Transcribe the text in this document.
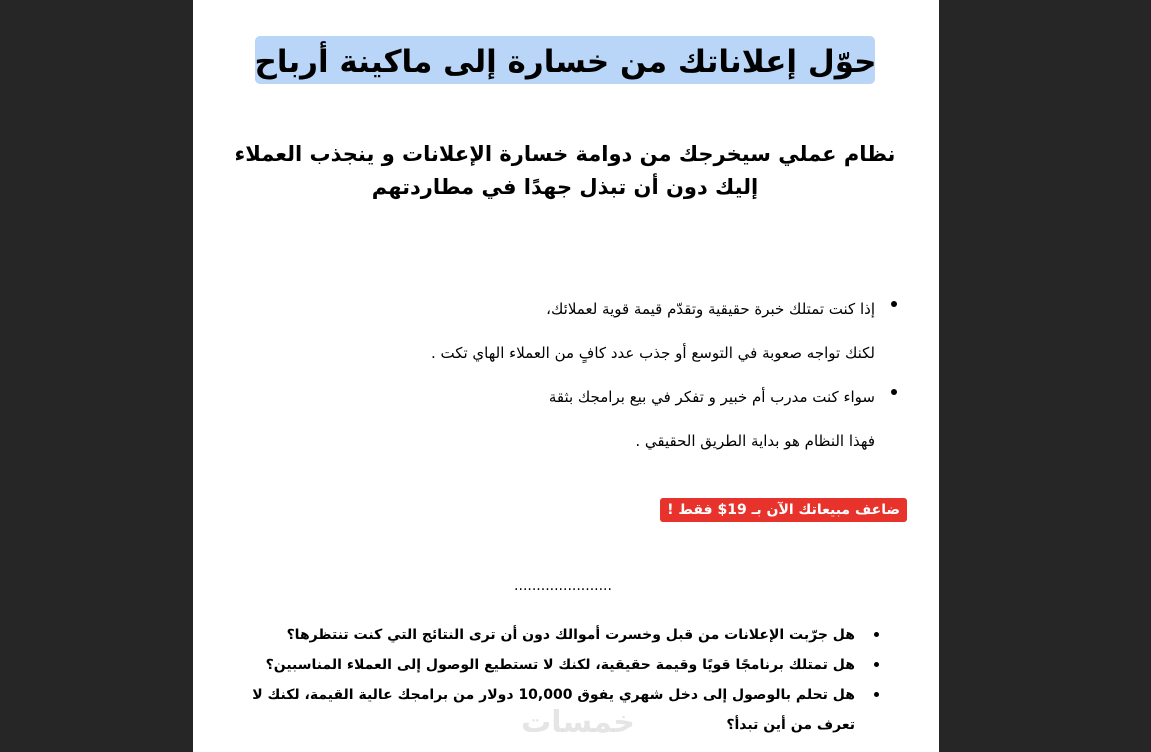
حوّل إعلاناتك من خسارة إلى ماكينة أرباح
نظام عملي سيخرجك من دوامة خسارة الإعلانات و ينجذب العملاء إليك دون أن تبذل جهدًا في مطاردتهم
إذا كنت تمتلك خبرة حقيقية وتقدّم قيمة قوية لعملائك،
لكنك تواجه صعوبة في التوسع أو جذب عدد كافٍ من العملاء الهاي تكت .
سواء كنت مدرب أم خبير و تفكر في بيع برامجك بثقة
فهذا النظام هو بداية الطريق الحقيقي .
ضاعف مبيعاتك الآن بـ 19$ فقط !
......................
هل جرّبت الإعلانات من قبل وخسرت أموالك دون أن ترى النتائج التي كنت تنتظرها؟
هل تمتلك برنامجًا قويًا وقيمة حقيقية، لكنك لا تستطيع الوصول إلى العملاء المناسبين؟
هل تحلم بالوصول إلى دخل شهري يفوق 10,000 دولار من برامجك عالية القيمة، لكنك لا تعرف من أين تبدأ؟
خمسات
